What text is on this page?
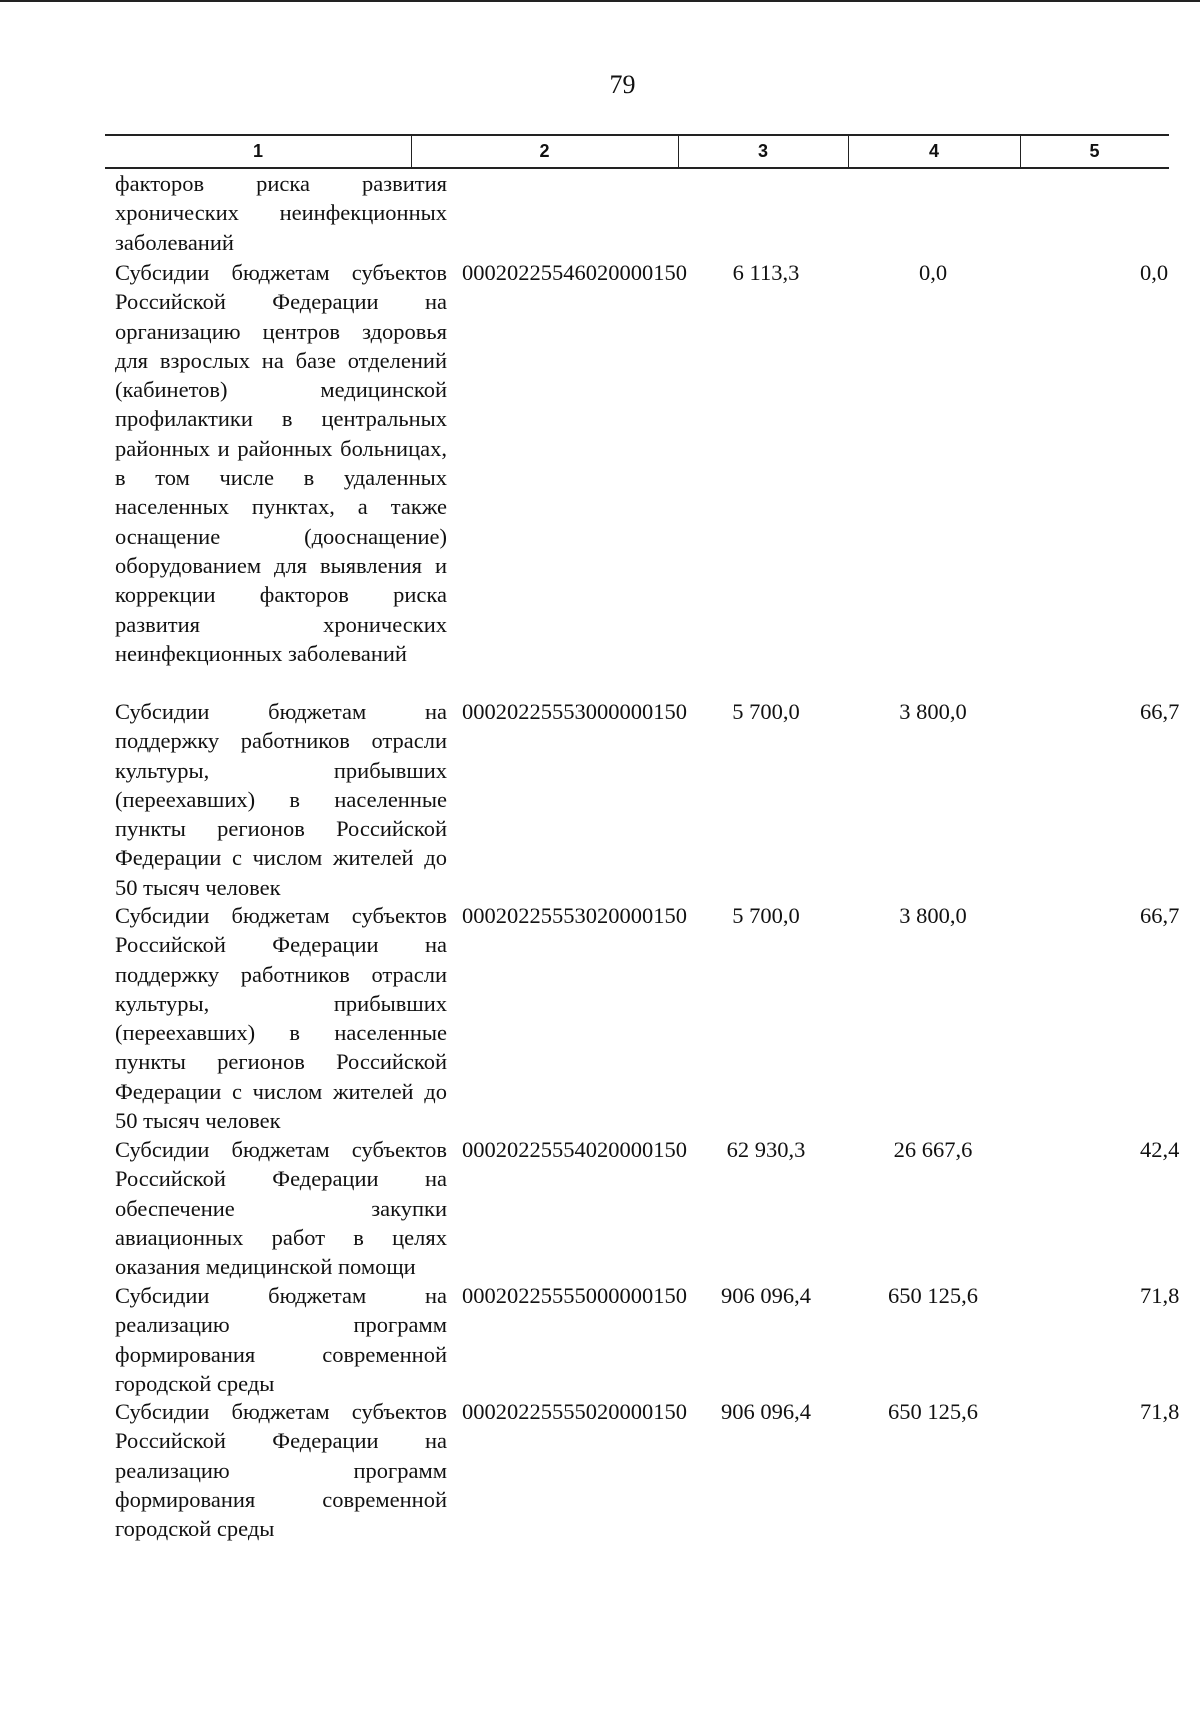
79
1	2	3	4	5
факторов риска развития хронических неинфекционных заболеваний
Субсидии бюджетам субъектов Российской Федерации на организацию центров здоровья для взрослых на базе отделений (кабинетов) медицинской профилактики в центральных районных и районных больницах, в том числе в удаленных населенных пунктах, а также оснащение (дооснащение) оборудованием для выявления и коррекции факторов риска развития хронических неинфекционных заболеваний
00020225546020000150	6 113,3	0,0	0,0
Субсидии бюджетам на поддержку работников отрасли культуры, прибывших (переехавших) в населенные пункты регионов Российской Федерации с числом жителей до 50 тысяч человек
00020225553000000150	5 700,0	3 800,0	66,7
Субсидии бюджетам субъектов Российской Федерации на поддержку работников отрасли культуры, прибывших (переехавших) в населенные пункты регионов Российской Федерации с числом жителей до 50 тысяч человек
00020225553020000150	5 700,0	3 800,0	66,7
Субсидии бюджетам субъектов Российской Федерации на обеспечение закупки авиационных работ в целях оказания медицинской помощи
00020225554020000150	62 930,3	26 667,6	42,4
Субсидии бюджетам на реализацию программ формирования современной городской среды
00020225555000000150	906 096,4	650 125,6	71,8
Субсидии бюджетам субъектов Российской Федерации на реализацию программ формирования современной городской среды
00020225555020000150	906 096,4	650 125,6	71,8
